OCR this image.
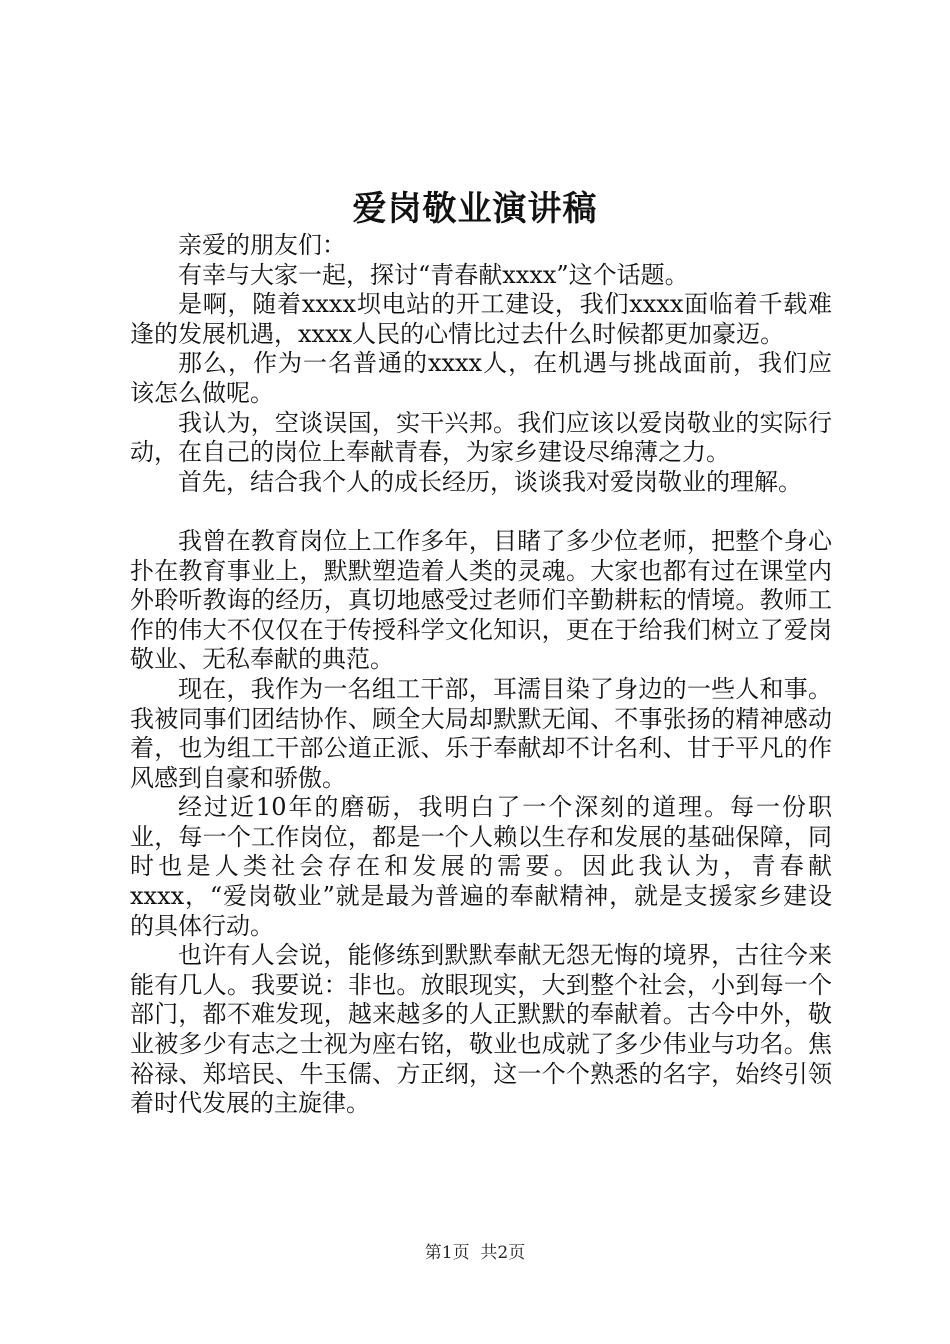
爱岗敬业演讲稿

亲爱的朋友们：

有幸与大家一起，探讨“青春献xxxx”这个话题。

是啊，随着xxxx坝电站的开工建设，我们xxxx面临着千载难逢的发展机遇，xxxx人民的心情比过去什么时候都更加豪迈。

那么，作为一名普通的xxxx人，在机遇与挑战面前，我们应该怎么做呢。

我认为，空谈误国，实干兴邦。我们应该以爱岗敬业的实际行动，在自己的岗位上奉献青春，为家乡建设尽绵薄之力。

首先，结合我个人的成长经历，谈谈我对爱岗敬业的理解。

我曾在教育岗位上工作多年，目睹了多少位老师，把整个身心扑在教育事业上，默默塑造着人类的灵魂。大家也都有过在课堂内外聆听教诲的经历，真切地感受过老师们辛勤耕耘的情境。教师工作的伟大不仅仅在于传授科学文化知识，更在于给我们树立了爱岗敬业、无私奉献的典范。

现在，我作为一名组工干部，耳濡目染了身边的一些人和事。我被同事们团结协作、顾全大局却默默无闻、不事张扬的精神感动着，也为组工干部公道正派、乐于奉献却不计名利、甘于平凡的作风感到自豪和骄傲。

经过近10年的磨砺，我明白了一个深刻的道理。每一份职业，每一个工作岗位，都是一个人赖以生存和发展的基础保障，同时也是人类社会存在和发展的需要。因此我认为，青春献xxxx，“爱岗敬业”就是最为普遍的奉献精神，就是支援家乡建设的具体行动。

也许有人会说，能修练到默默奉献无怨无悔的境界，古往今来能有几人。我要说：非也。放眼现实，大到整个社会，小到每一个部门，都不难发现，越来越多的人正默默的奉献着。古今中外，敬业被多少有志之士视为座右铭，敬业也成就了多少伟业与功名。焦裕禄、郑培民、牛玉儒、方正纲，这一个个熟悉的名字，始终引领着时代发展的主旋律。

第1页 共2页
